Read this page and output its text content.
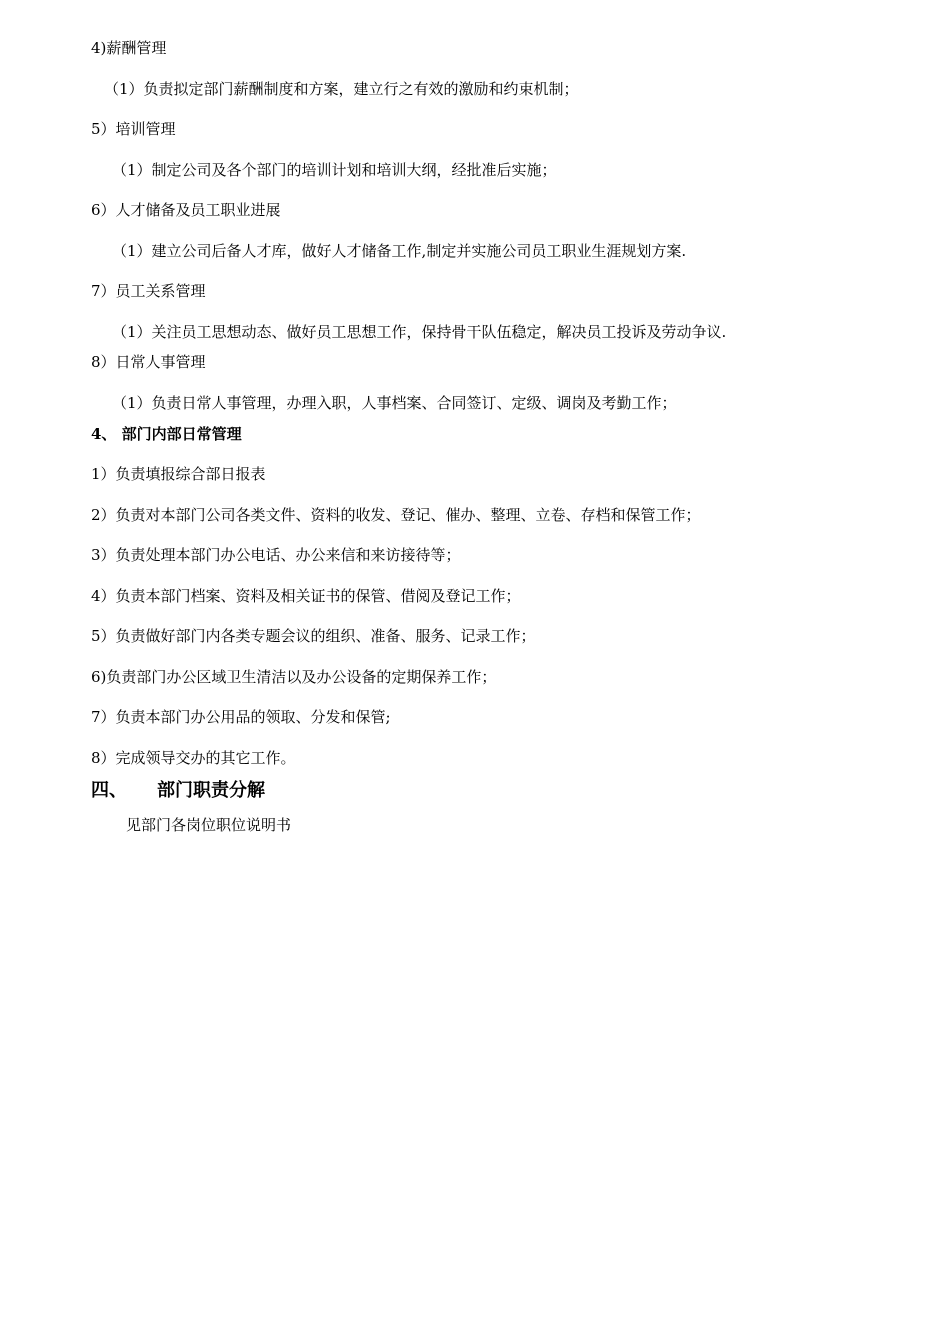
4)薪酬管理
（1）负责拟定部门薪酬制度和方案，建立行之有效的激励和约束机制；
5）培训管理
（1）制定公司及各个部门的培训计划和培训大纲，经批准后实施；
6）人才储备及员工职业进展
（1）建立公司后备人才库，做好人才储备工作,制定并实施公司员工职业生涯规划方案.
7）员工关系管理
（1）关注员工思想动态、做好员工思想工作，保持骨干队伍稳定，解决员工投诉及劳动争议.
8）日常人事管理
（1）负责日常人事管理，办理入职，人事档案、合同签订、定级、调岗及考勤工作；
4、 部门内部日常管理
1）负责填报综合部日报表
2）负责对本部门公司各类文件、资料的收发、登记、催办、整理、立卷、存档和保管工作；
3）负责处理本部门办公电话、办公来信和来访接待等；
4）负责本部门档案、资料及相关证书的保管、借阅及登记工作；
5）负责做好部门内各类专题会议的组织、准备、服务、记录工作；
6)负责部门办公区域卫生清洁以及办公设备的定期保养工作；
7）负责本部门办公用品的领取、分发和保管;
8）完成领导交办的其它工作。
四、 部门职责分解
见部门各岗位职位说明书
